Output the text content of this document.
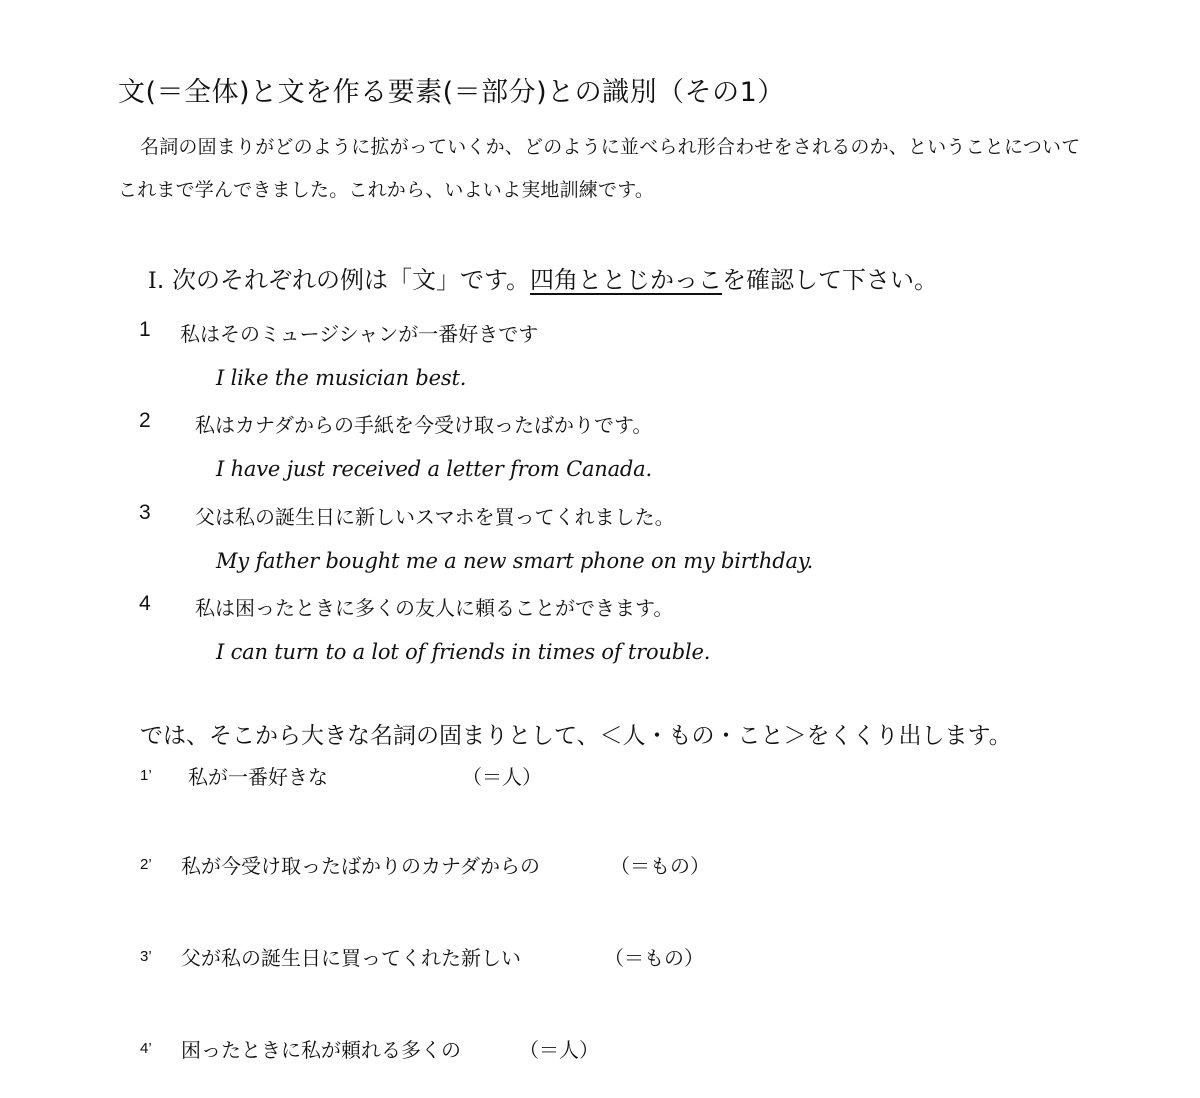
文(＝全体)と文を作る要素(＝部分)との識別（その1）
名詞の固まりがどのように拡がっていくか、どのように並べられ形合わせをされるのか、ということについて
これまで学んできました。これから、いよいよ実地訓練です。
I. 次のそれぞれの例は「文」です。四角ととじかっこを確認して下さい。
1 私はそのミュージシャンが一番好きです
I like the musician best.
2 私はカナダからの手紙を今受け取ったばかりです。
I have just received a letter from Canada.
3 父は私の誕生日に新しいスマホを買ってくれました。
My father bought me a new smart phone on my birthday.
4 私は困ったときに多くの友人に頼ることができます。
I can turn to a lot of friends in times of trouble.
では、そこから大きな名詞の固まりとして、＜人・もの・こと＞をくくり出します。
1’ 私が一番好きな	（＝人）
2’ 私が今受け取ったばかりのカナダからの	（＝もの）
3’ 父が私の誕生日に買ってくれた新しい	（＝もの）
4’ 困ったときに私が頼れる多くの	（＝人）
